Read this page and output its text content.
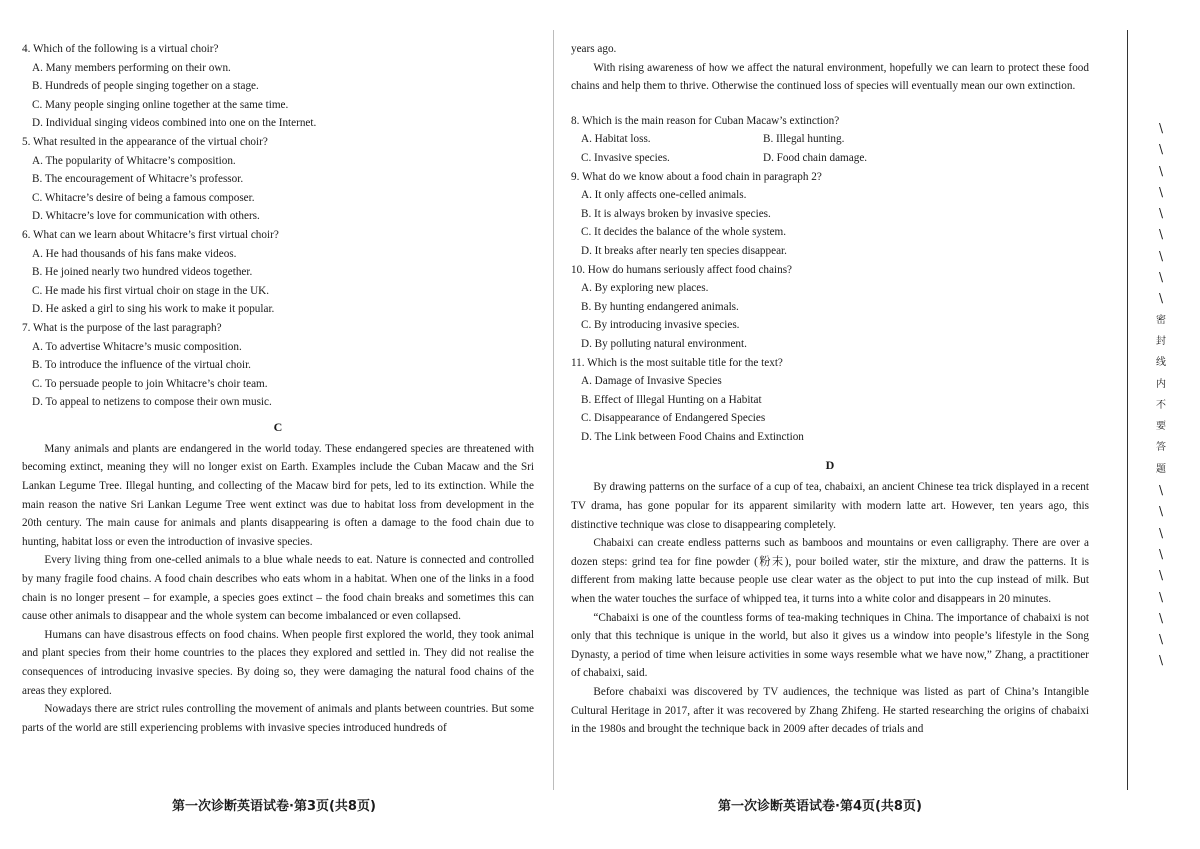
4. Which of the following is a virtual choir?
A. Many members performing on their own.
B. Hundreds of people singing together on a stage.
C. Many people singing online together at the same time.
D. Individual singing videos combined into one on the Internet.
5. What resulted in the appearance of the virtual choir?
A. The popularity of Whitacre’s composition.
B. The encouragement of Whitacre’s professor.
C. Whitacre’s desire of being a famous composer.
D. Whitacre’s love for communication with others.
6. What can we learn about Whitacre’s first virtual choir?
A. He had thousands of his fans make videos.
B. He joined nearly two hundred videos together.
C. He made his first virtual choir on stage in the UK.
D. He asked a girl to sing his work to make it popular.
7. What is the purpose of the last paragraph?
A. To advertise Whitacre’s music composition.
B. To introduce the influence of the virtual choir.
C. To persuade people to join Whitacre’s choir team.
D. To appeal to netizens to compose their own music.
C

Many animals and plants are endangered in the world today. These endangered species are threatened with becoming extinct, meaning they will no longer exist on Earth. Examples include the Cuban Macaw and the Sri Lankan Legume Tree. Illegal hunting, and collecting of the Macaw bird for pets, led to its extinction. While the main reason the native Sri Lankan Legume Tree went extinct was due to habitat loss from development in the 20th century. The main cause for animals and plants disappearing is often a damage to the food chain due to hunting, habitat loss or even the introduction of invasive species.

Every living thing from one-celled animals to a blue whale needs to eat. Nature is connected and controlled by many fragile food chains. A food chain describes who eats whom in a habitat. When one of the links in a food chain is no longer present – for example, a species goes extinct – the food chain breaks and sometimes this can cause other animals to disappear and the whole system can become imbalanced or even collapsed.

Humans can have disastrous effects on food chains. When people first explored the world, they took animal and plant species from their home countries to the places they explored and settled in. They did not realise the consequences of introducing invasive species. By doing so, they were damaging the natural food chains of the areas they explored.

Nowadays there are strict rules controlling the movement of animals and plants between countries. But some parts of the world are still experiencing problems with invasive species introduced hundreds of

第一次诊断英语试卷·第3页(共8页)

years ago.

With rising awareness of how we affect the natural environment, hopefully we can learn to protect these food chains and help them to thrive. Otherwise the continued loss of species will eventually mean our own extinction.

8. Which is the main reason for Cuban Macaw’s extinction?
A. Habitat loss.	B. Illegal hunting.
C. Invasive species.	D. Food chain damage.
9. What do we know about a food chain in paragraph 2?
A. It only affects one-celled animals.
B. It is always broken by invasive species.
C. It decides the balance of the whole system.
D. It breaks after nearly ten species disappear.
10. How do humans seriously affect food chains?
A. By exploring new places.
B. By hunting endangered animals.
C. By introducing invasive species.
D. By polluting natural environment.
11. Which is the most suitable title for the text?
A. Damage of Invasive Species
B. Effect of Illegal Hunting on a Habitat
C. Disappearance of Endangered Species
D. The Link between Food Chains and Extinction
D

By drawing patterns on the surface of a cup of tea, chabaixi, an ancient Chinese tea trick displayed in a recent TV drama, has gone popular for its apparent similarity with modern latte art. However, ten years ago, this distinctive technique was close to disappearing completely.

Chabaixi can create endless patterns such as bamboos and mountains or even calligraphy. There are over a dozen steps: grind tea for fine powder (粉末), pour boiled water, stir the mixture, and draw the patterns. It is different from making latte because people use clear water as the object to put into the cup instead of milk. But when the water touches the surface of whipped tea, it turns into a white color and disappears in 20 minutes.

“Chabaixi is one of the countless forms of tea-making techniques in China. The importance of chabaixi is not only that this technique is unique in the world, but also it gives us a window into people’s lifestyle in the Song Dynasty, a period of time when leisure activities in some ways resemble what we have now,” Zhang, a practitioner of chabaixi, said.

Before chabaixi was discovered by TV audiences, the technique was listed as part of China’s Intangible Cultural Heritage in 2017, after it was recovered by Zhang Zhifeng. He started researching the origins of chabaixi in the 1980s and brought the technique back in 2009 after decades of trials and

第一次诊断英语试卷·第4页(共8页)
\
\
\
\
\
\
\
\
\
密
封
线
内
不
要
答
题
\
\
\
\
\
\
\
\
\
